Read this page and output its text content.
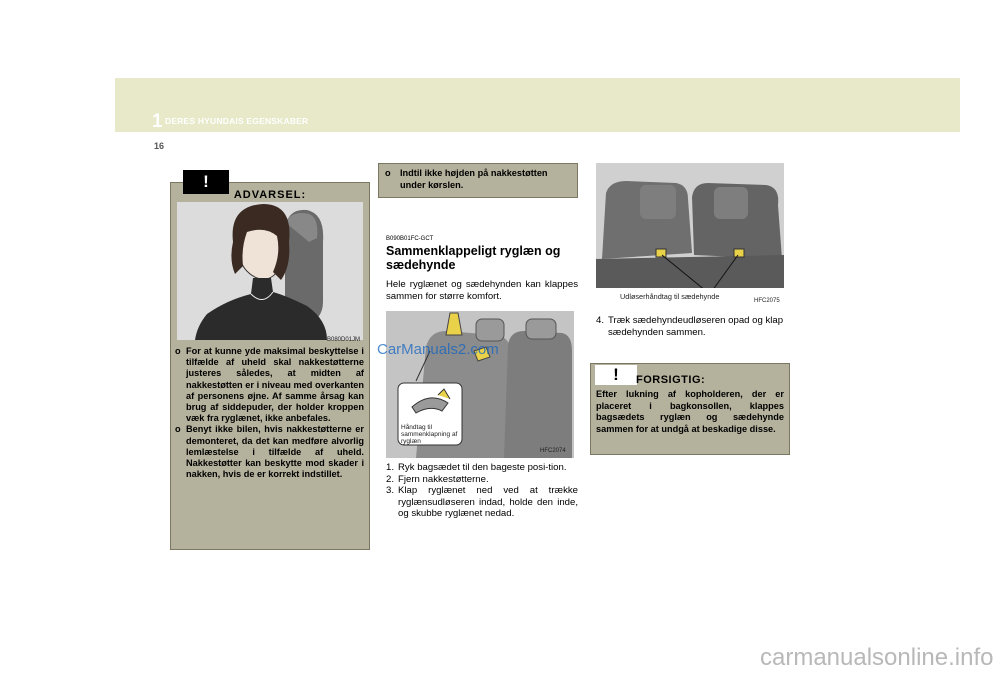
1 DERES HYUNDAIS EGENSKABER
16
ADVARSEL:
!
B080D01JM
o For at kunne yde maksimal beskyttelse i tilfælde af uheld skal nakkestøtterne justeres således, at midten af nakkestøtten er i niveau med overkanten af personens øjne. Af samme årsag kan brug af siddepuder, der holder kroppen væk fra ryglænet, ikke anbefales.
o Benyt ikke bilen, hvis nakkestøtterne er demonteret, da det kan medføre alvorlig lemlæstelse i tilfælde af uheld. Nakkestøtter kan beskytte mod skader i nakken, hvis de er korrekt indstillet.
o	Indtil ikke højden på nakkestøtten under kørslen.
B090B01FC-GCT
Sammenklappeligt ryglæn og sædehynde
Hele ryglænet og sædehynden kan klappes sammen for større komfort.
Håndtag til sammenklapning af ryglæn
HFC2074
1. Ryk bagsædet til den bageste posi-tion.
2. Fjern nakkestøtterne.
3. Klap ryglænet ned ved at trække ryglænsudløseren indad, holde den inde, og skubbe ryglænet nedad.
Udløserhåndtag til sædehynde	HFC2075
4. Træk sædehyndeudløseren opad og klap sædehynden sammen.
!	FORSIGTIG:
Efter lukning af kopholderen, der er placeret i bagkonsollen, klappes bagsædets ryglæn og sædehynde sammen for at undgå at beskadige disse.
CarManuals2.com
carmanualsonline.info
